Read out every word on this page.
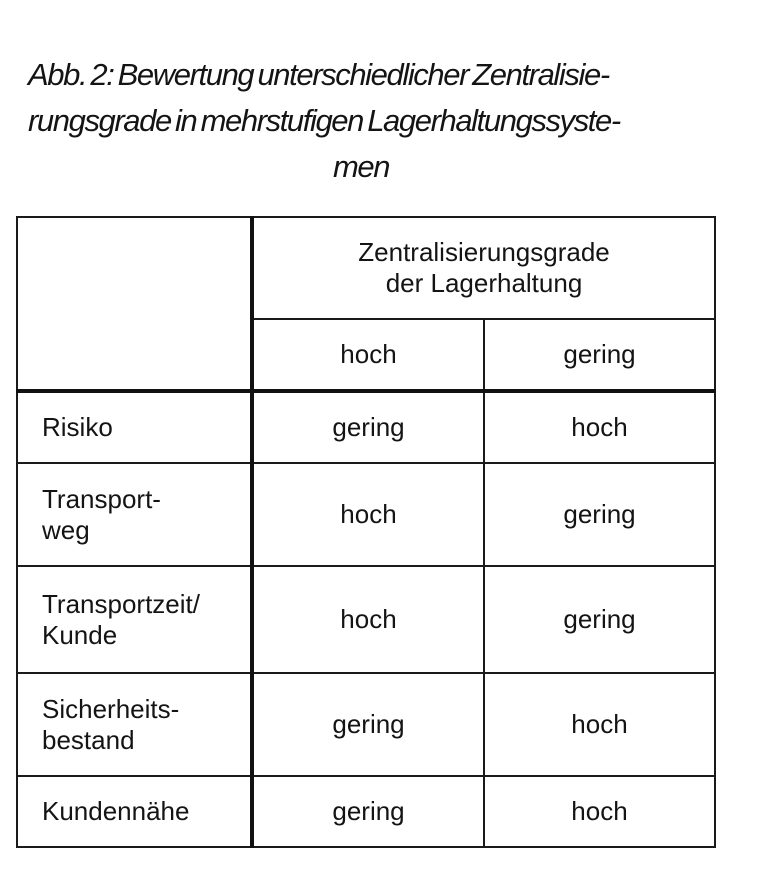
Abb. 2: Bewertung unterschiedlicher Zentralisie-
rungsgrade in mehrstufigen Lagerhaltungssyste-
men

	Zentralisierungsgrade
der Lagerhaltung	

	hoch	gering

Risiko	gering	hoch

Transport-
weg	hoch	gering

Transportzeit/
Kunde	hoch	gering

Sicherheits-
bestand	gering	hoch

Kundennähe	gering	hoch
